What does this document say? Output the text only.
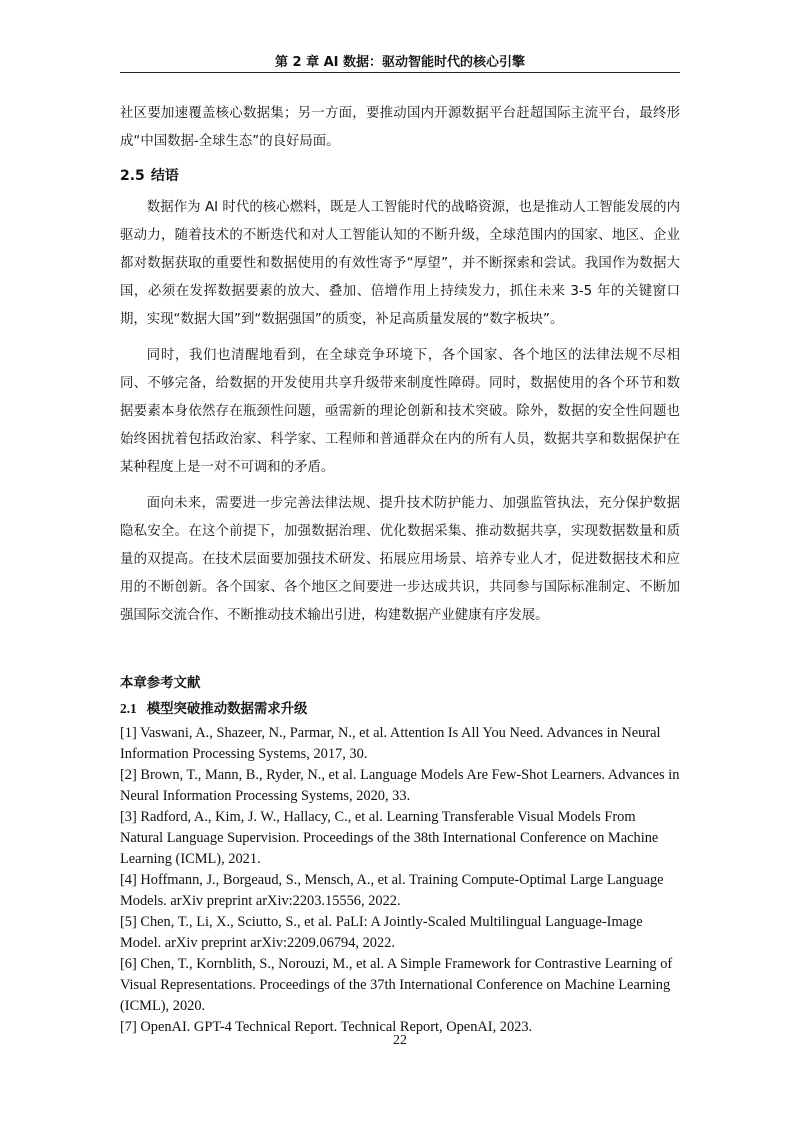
第 2 章 AI 数据：驱动智能时代的核心引擎

社区要加速覆盖核心数据集；另一方面，要推动国内开源数据平台赶超国际主流平台，最终形成“中国数据-全球生态”的良好局面。

2.5 结语

数据作为 AI 时代的核心燃料，既是人工智能时代的战略资源，也是推动人工智能发展的内驱动力，随着技术的不断迭代和对人工智能认知的不断升级，全球范围内的国家、地区、企业都对数据获取的重要性和数据使用的有效性寄予“厚望”，并不断探索和尝试。我国作为数据大国，必须在发挥数据要素的放大、叠加、倍增作用上持续发力，抓住未来 3-5 年的关键窗口期，实现“数据大国”到“数据强国”的质变，补足高质量发展的“数字板块”。

同时，我们也清醒地看到，在全球竞争环境下，各个国家、各个地区的法律法规不尽相同、不够完备，给数据的开发使用共享升级带来制度性障碍。同时，数据使用的各个环节和数据要素本身依然存在瓶颈性问题，亟需新的理论创新和技术突破。除外，数据的安全性问题也始终困扰着包括政治家、科学家、工程师和普通群众在内的所有人员，数据共享和数据保护在某种程度上是一对不可调和的矛盾。

面向未来，需要进一步完善法律法规、提升技术防护能力、加强监管执法，充分保护数据隐私安全。在这个前提下，加强数据治理、优化数据采集、推动数据共享，实现数据数量和质量的双提高。在技术层面要加强技术研发、拓展应用场景、培养专业人才，促进数据技术和应用的不断创新。各个国家、各个地区之间要进一步达成共识，共同参与国际标准制定、不断加强国际交流合作、不断推动技术输出引进，构建数据产业健康有序发展。

本章参考文献
2.1 模型突破推动数据需求升级

[1] Vaswani, A., Shazeer, N., Parmar, N., et al. Attention Is All You Need. Advances in Neural Information Processing Systems, 2017, 30.

[2] Brown, T., Mann, B., Ryder, N., et al. Language Models Are Few-Shot Learners. Advances in Neural Information Processing Systems, 2020, 33.

[3] Radford, A., Kim, J. W., Hallacy, C., et al. Learning Transferable Visual Models From Natural Language Supervision. Proceedings of the 38th International Conference on Machine Learning (ICML), 2021.

[4] Hoffmann, J., Borgeaud, S., Mensch, A., et al. Training Compute-Optimal Large Language Models. arXiv preprint arXiv:2203.15556, 2022.

[5] Chen, T., Li, X., Sciutto, S., et al. PaLI: A Jointly-Scaled Multilingual Language-Image Model. arXiv preprint arXiv:2209.06794, 2022.

[6] Chen, T., Kornblith, S., Norouzi, M., et al. A Simple Framework for Contrastive Learning of Visual Representations. Proceedings of the 37th International Conference on Machine Learning (ICML), 2020.

[7] OpenAI. GPT-4 Technical Report. Technical Report, OpenAI, 2023.

22
